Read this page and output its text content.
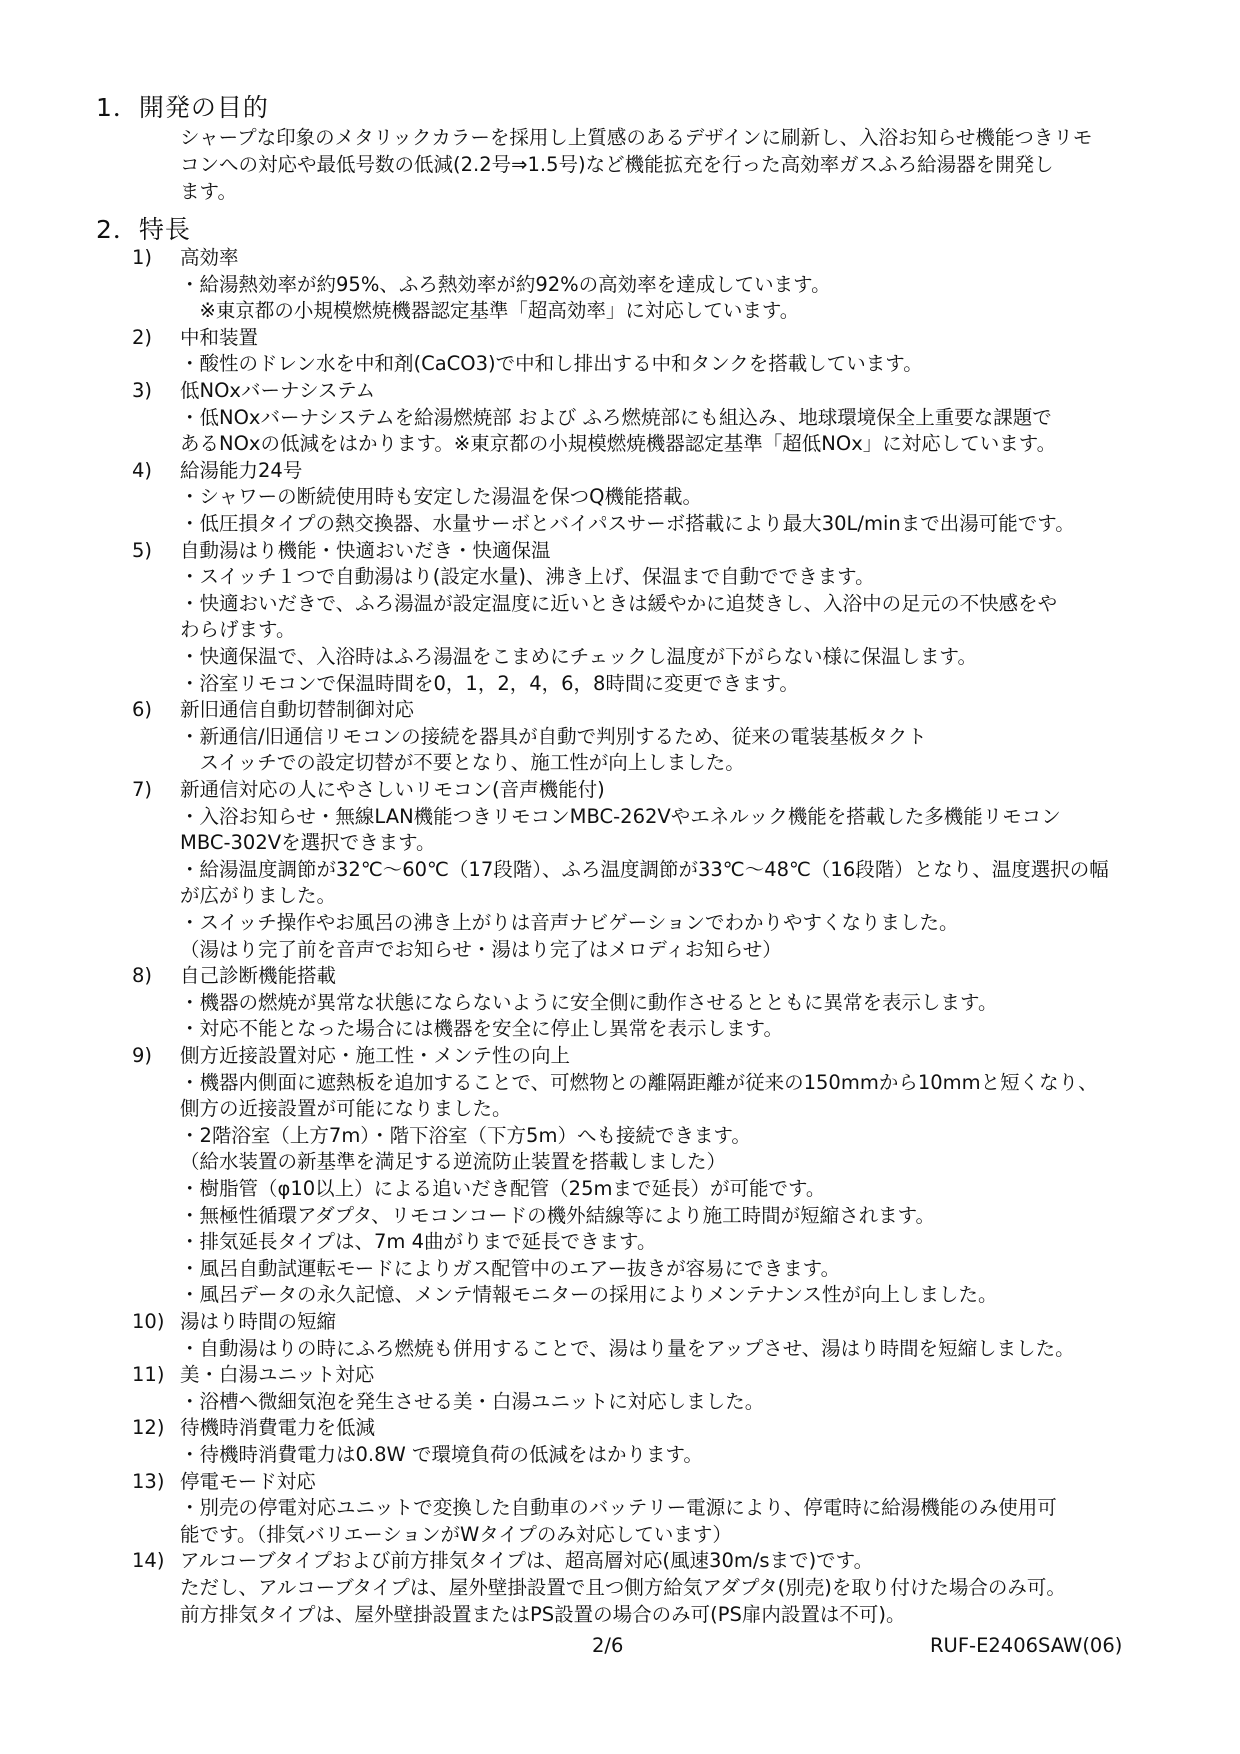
1．開発の目的
シャープな印象のメタリックカラーを採用し上質感のあるデザインに刷新し、入浴お知らせ機能つきリモ
コンへの対応や最低号数の低減(2.2号⇒1.5号)など機能拡充を行った高効率ガスふろ給湯器を開発し
ます。
2．特長
1)	高効率
・給湯熱効率が約95%、ふろ熱効率が約92%の高効率を達成しています。
　※東京都の小規模燃焼機器認定基準「超高効率」に対応しています。
2)	中和装置
・酸性のドレン水を中和剤(CaCO3)で中和し排出する中和タンクを搭載しています。
3)	低NOxバーナシステム
・低NOxバーナシステムを給湯燃焼部 および ふろ燃焼部にも組込み、地球環境保全上重要な課題で
あるNOxの低減をはかります。※東京都の小規模燃焼機器認定基準「超低NOx」に対応しています。
4)	給湯能力24号
・シャワーの断続使用時も安定した湯温を保つQ機能搭載。
・低圧損タイプの熱交換器、水量サーボとバイパスサーボ搭載により最大30L/minまで出湯可能です。
5)	自動湯はり機能・快適おいだき・快適保温
・スイッチ１つで自動湯はり(設定水量)、沸き上げ、保温まで自動でできます。
・快適おいだきで、ふろ湯温が設定温度に近いときは緩やかに追焚きし、入浴中の足元の不快感をや
わらげます。
・快適保温で、入浴時はふろ湯温をこまめにチェックし温度が下がらない様に保温します。
・浴室リモコンで保温時間を0，1，2，4，6，8時間に変更できます。
6)	新旧通信自動切替制御対応
・新通信/旧通信リモコンの接続を器具が自動で判別するため、従来の電装基板タクト
　スイッチでの設定切替が不要となり、施工性が向上しました。
7)	新通信対応の人にやさしいリモコン(音声機能付)
・入浴お知らせ・無線LAN機能つきリモコンMBC-262Vやエネルック機能を搭載した多機能リモコン
MBC-302Vを選択できます。
・給湯温度調節が32℃～60℃（17段階）、ふろ温度調節が33℃～48℃（16段階）となり、温度選択の幅
が広がりました。
・スイッチ操作やお風呂の沸き上がりは音声ナビゲーションでわかりやすくなりました。
（湯はり完了前を音声でお知らせ・湯はり完了はメロディお知らせ）
8)	自己診断機能搭載
・機器の燃焼が異常な状態にならないように安全側に動作させるとともに異常を表示します。
・対応不能となった場合には機器を安全に停止し異常を表示します。
9)	側方近接設置対応・施工性・メンテ性の向上
・機器内側面に遮熱板を追加することで、可燃物との離隔距離が従来の150mmから10mmと短くなり、
側方の近接設置が可能になりました。
・2階浴室（上方7m）・階下浴室（下方5m）へも接続できます。
（給水装置の新基準を満足する逆流防止装置を搭載しました）
・樹脂管（φ10以上）による追いだき配管（25mまで延長）が可能です。
・無極性循環アダプタ、リモコンコードの機外結線等により施工時間が短縮されます。
・排気延長タイプは、7m 4曲がりまで延長できます。
・風呂自動試運転モードによりガス配管中のエアー抜きが容易にできます。
・風呂データの永久記憶、メンテ情報モニターの採用によりメンテナンス性が向上しました。
10) 湯はり時間の短縮
・自動湯はりの時にふろ燃焼も併用することで、湯はり量をアップさせ、湯はり時間を短縮しました。
11) 美・白湯ユニット対応
・浴槽へ微細気泡を発生させる美・白湯ユニットに対応しました。
12) 待機時消費電力を低減
・待機時消費電力は0.8W で環境負荷の低減をはかります。
13) 停電モード対応
・別売の停電対応ユニットで変換した自動車のバッテリー電源により、停電時に給湯機能のみ使用可
能です。（排気バリエーションがWタイプのみ対応しています）
14) アルコーブタイプおよび前方排気タイプは、超高層対応(風速30m/sまで)です。
ただし、アルコーブタイプは、屋外壁掛設置で且つ側方給気アダプタ(別売)を取り付けた場合のみ可。
前方排気タイプは、屋外壁掛設置またはPS設置の場合のみ可(PS扉内設置は不可)。
2/6	RUF-E2406SAW(06)
